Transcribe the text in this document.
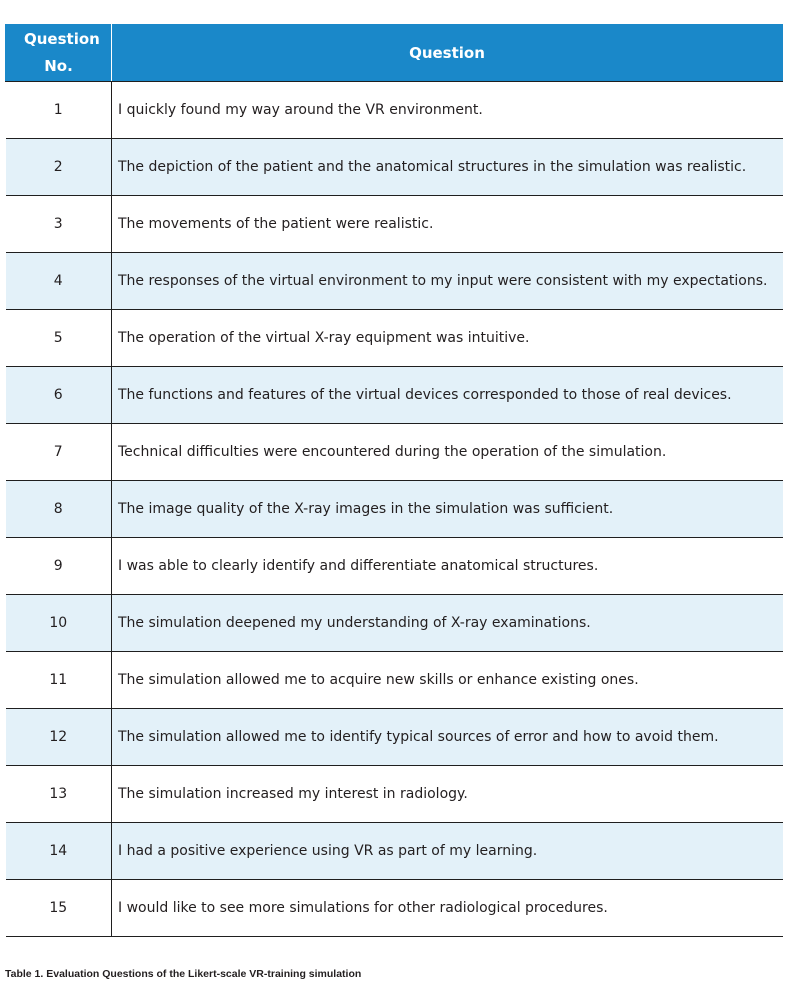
Question No.	Question
1	I quickly found my way around the VR environment.
2	The depiction of the patient and the anatomical structures in the simulation was realistic.
3	The movements of the patient were realistic.
4	The responses of the virtual environment to my input were consistent with my expectations.
5	The operation of the virtual X-ray equipment was intuitive.
6	The functions and features of the virtual devices corresponded to those of real devices.
7	Technical difficulties were encountered during the operation of the simulation.
8	The image quality of the X-ray images in the simulation was sufficient.
9	I was able to clearly identify and differentiate anatomical structures.
10	The simulation deepened my understanding of X-ray examinations.
11	The simulation allowed me to acquire new skills or enhance existing ones.
12	The simulation allowed me to identify typical sources of error and how to avoid them.
13	The simulation increased my interest in radiology.
14	I had a positive experience using VR as part of my learning.
15	I would like to see more simulations for other radiological procedures.
Table 1. Evaluation Questions of the Likert-scale VR-training simulation
